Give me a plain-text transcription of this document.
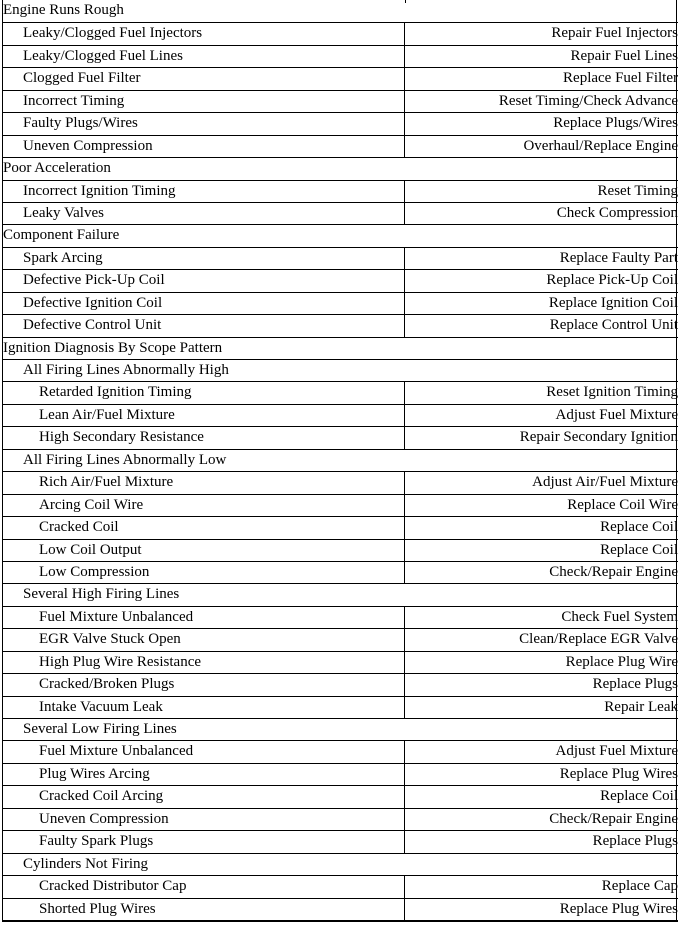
Engine Runs Rough
Leaky/Clogged Fuel Injectors	Repair Fuel Injectors
Leaky/Clogged Fuel Lines	Repair Fuel Lines
Clogged Fuel Filter	Replace Fuel Filter
Incorrect Timing	Reset Timing/Check Advance
Faulty Plugs/Wires	Replace Plugs/Wires
Uneven Compression	Overhaul/Replace Engine
Poor Acceleration
Incorrect Ignition Timing	Reset Timing
Leaky Valves	Check Compression
Component Failure
Spark Arcing	Replace Faulty Part
Defective Pick-Up Coil	Replace Pick-Up Coil
Defective Ignition Coil	Replace Ignition Coil
Defective Control Unit	Replace Control Unit
Ignition Diagnosis By Scope Pattern
All Firing Lines Abnormally High
Retarded Ignition Timing	Reset Ignition Timing
Lean Air/Fuel Mixture	Adjust Fuel Mixture
High Secondary Resistance	Repair Secondary Ignition
All Firing Lines Abnormally Low
Rich Air/Fuel Mixture	Adjust Air/Fuel Mixture
Arcing Coil Wire	Replace Coil Wire
Cracked Coil	Replace Coil
Low Coil Output	Replace Coil
Low Compression	Check/Repair Engine
Several High Firing Lines
Fuel Mixture Unbalanced	Check Fuel System
EGR Valve Stuck Open	Clean/Replace EGR Valve
High Plug Wire Resistance	Replace Plug Wire
Cracked/Broken Plugs	Replace Plugs
Intake Vacuum Leak	Repair Leak
Several Low Firing Lines
Fuel Mixture Unbalanced	Adjust Fuel Mixture
Plug Wires Arcing	Replace Plug Wires
Cracked Coil Arcing	Replace Coil
Uneven Compression	Check/Repair Engine
Faulty Spark Plugs	Replace Plugs
Cylinders Not Firing
Cracked Distributor Cap	Replace Cap
Shorted Plug Wires	Replace Plug Wires
